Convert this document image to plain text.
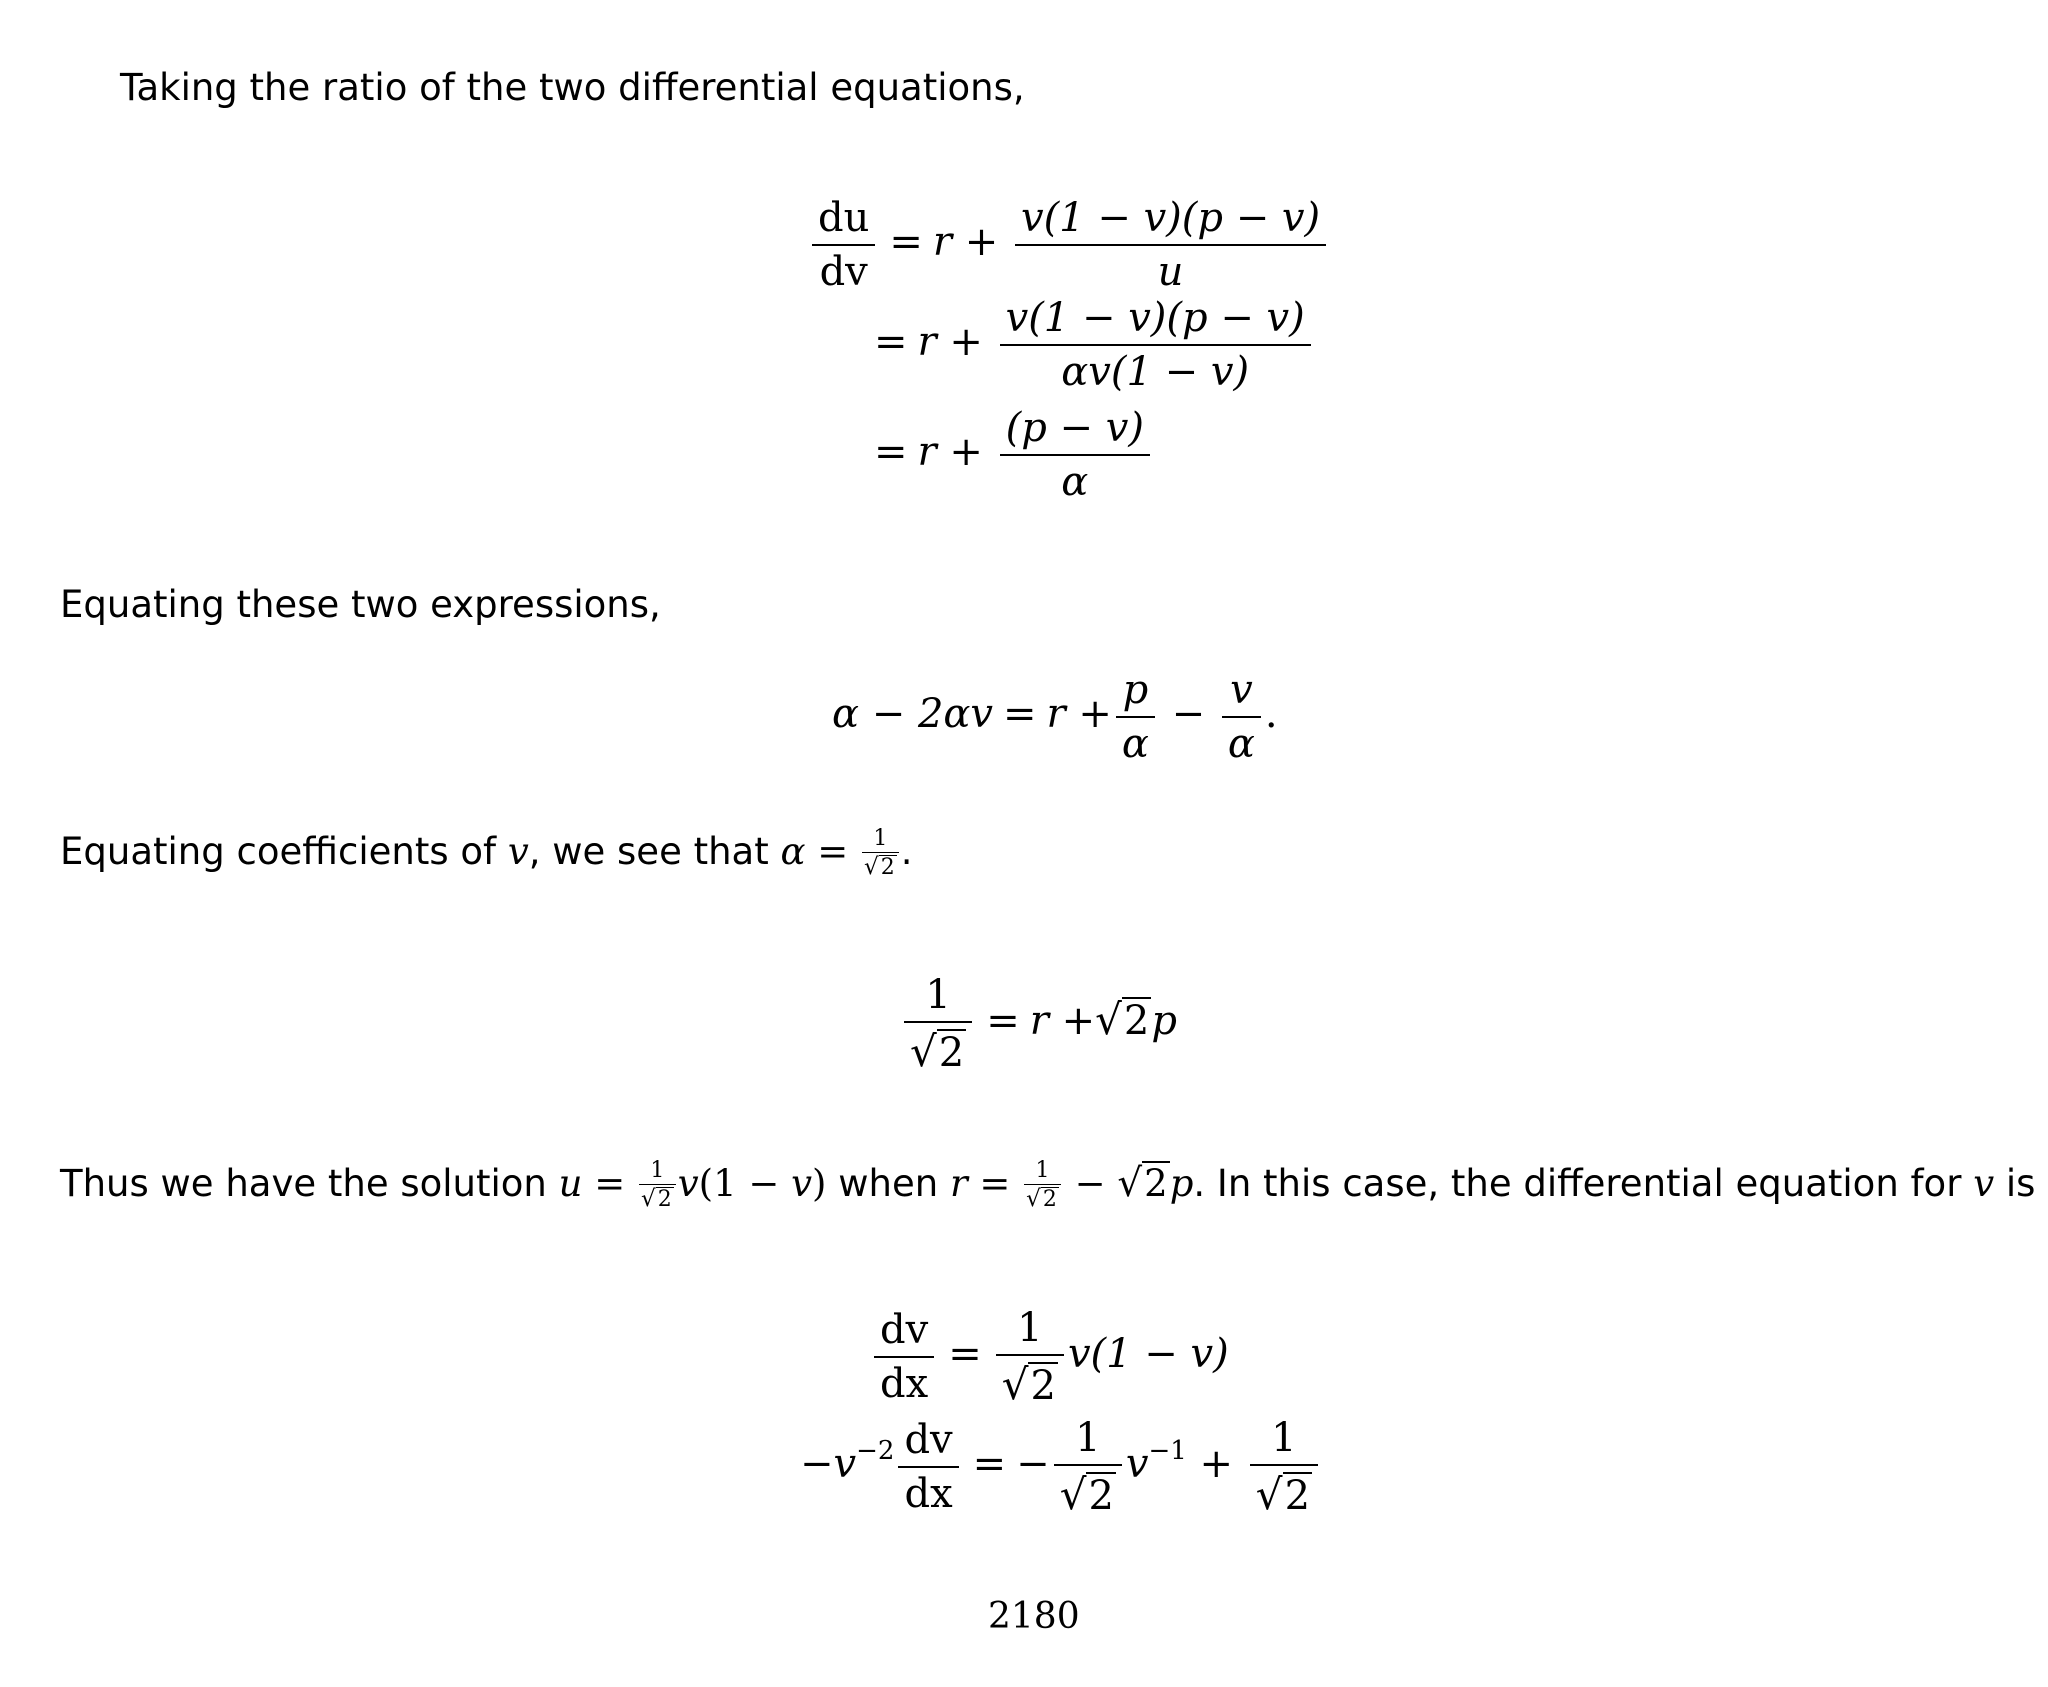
Taking the ratio of the two differential equations,
$\frac{du}{dv} = r + \frac{v(1 - v)(p - v)}{u}$
= $r + \frac{v(1 - v)(p - v)}{\alpha v(1 - v)}$
= $r + \frac{(p - v)}{\alpha}$
Equating these two expressions,
$\alpha - 2\alpha v = r + \frac{p}{\alpha} - \frac{v}{\alpha}$ .
Equating coefficients of v, we see that $\alpha = \frac{1}{√2}$ .
$\frac{1}{√2} = r +√2p$
Thus we have the solution $u = \frac{1}{√2} v(1 - v)$ when $r = \frac{1}{√2} - √2p$. In this case, the differential equation for v is
$\frac{dv}{dx} = \frac{1}{√2} v(1 - v)$
$-v^{-2} \frac{dv}{dx}$ = − $\frac{1}{√2} v^{-1} + \frac{1}{√2}$
2180
